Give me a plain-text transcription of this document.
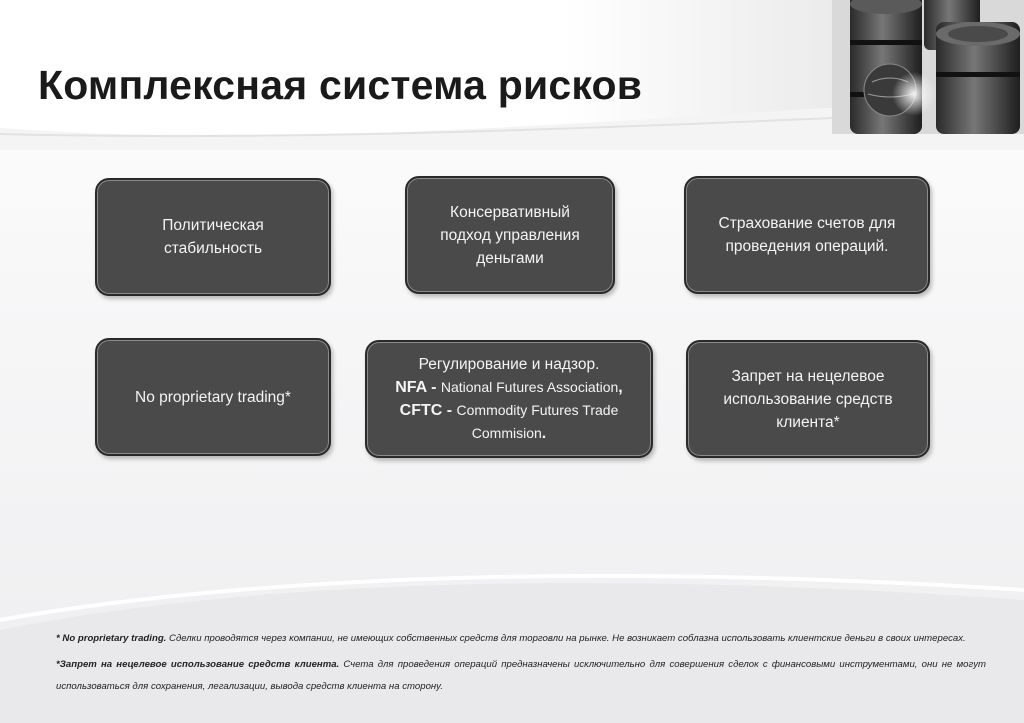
Комплексная система рисков
Политическая стабильность
Консервативный подход управления деньгами
Страхование счетов для проведения операций.
No proprietary trading*
Регулирование и надзор.
NFA - National Futures Association,
CFTC - Commodity Futures Trade Commision.
Запрет на нецелевое использование средств клиента*

* No proprietary trading. Сделки проводятся через компании, не имеющих собственных средств для торговли на рынке. Не возникает соблазна использовать клиентские деньги в своих интересах.

*Запрет на нецелевое использование средств клиента. Счета для проведения операций предназначены исключительно для совершения сделок с финансовыми инструментами, они не могут использоваться для сохранения, легализации, вывода средств клиента на сторону.
